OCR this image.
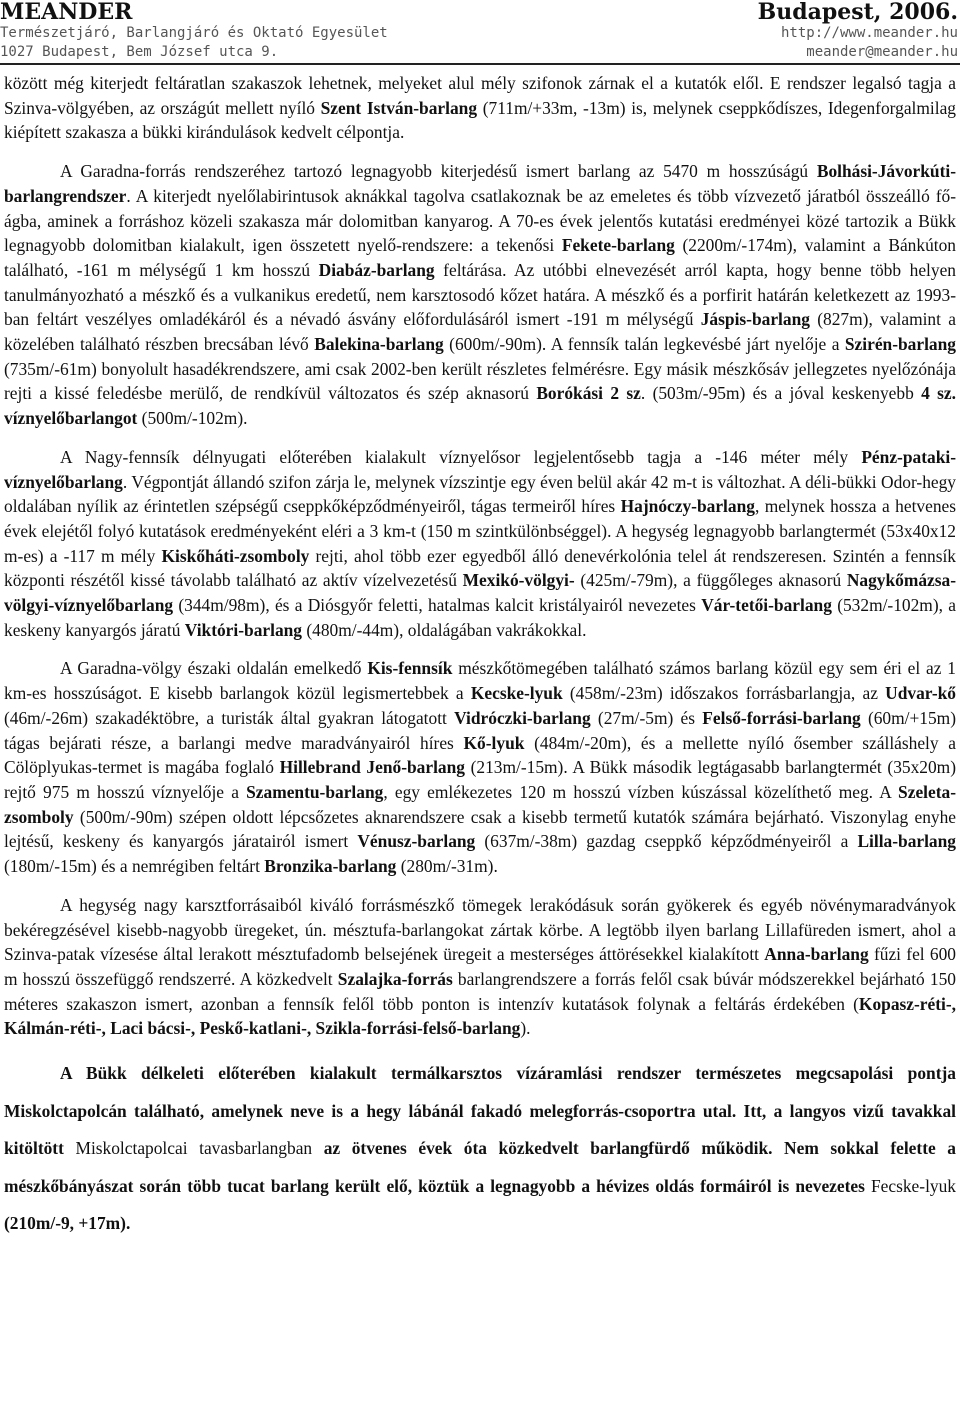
MEANDER
Természetjáró, Barlangjáró és Oktató Egyesület
1027 Budapest, Bem József utca 9.
Budapest, 2006.
http://www.meander.hu
meander@meander.hu

között még kiterjedt feltáratlan szakaszok lehetnek, melyeket alul mély szifonok zárnak el a kutatók elől. E rendszer legalsó tagja a Szinva-völgyében, az országút mellett nyíló Szent István-barlang (711m/+33m, -13m) is, melynek cseppkődíszes, Idegenforgalmilag kiépített szakasza a bükki kirándulások kedvelt célpontja.

A Garadna-forrás rendszeréhez tartozó legnagyobb kiterjedésű ismert barlang az 5470 m hosszúságú Bolhási-Jávorkúti-barlangrendszer. A kiterjedt nyelőlabirintusok aknákkal tagolva csatlakoznak be az emeletes és több vízvezető járatból összeálló fő-ágba, aminek a forráshoz közeli szakasza már dolomitban kanyarog. A 70-es évek jelentős kutatási eredményei közé tartozik a Bükk legnagyobb dolomitban kialakult, igen összetett nyelő-rendszere: a tekenősi Fekete-barlang (2200m/-174m), valamint a Bánkúton található, -161 m mélységű 1 km hosszú Diabáz-barlang feltárása. Az utóbbi elnevezését arról kapta, hogy benne több helyen tanulmányozható a mészkő és a vulkanikus eredetű, nem karsztosodó kőzet határa. A mészkő és a porfirit határán keletkezett az 1993-ban feltárt veszélyes omladékáról és a névadó ásvány előfordulásáról ismert -191 m mélységű Jáspis-barlang (827m), valamint a közelében található részben brecsában lévő Balekina-barlang (600m/-90m). A fennsík talán legkevésbé járt nyelője a Szirén-barlang (735m/-61m) bonyolult hasadékrendszere, ami csak 2002-ben került részletes felmérésre. Egy másik mészkősáv jellegzetes nyelőzónája rejti a kissé feledésbe merülő, de rendkívül változatos és szép aknasorú Borókási 2 sz. (503m/-95m) és a jóval keskenyebb 4 sz. víznyelőbarlangot (500m/-102m).

A Nagy-fennsík délnyugati előterében kialakult víznyelősor legjelentősebb tagja a -146 méter mély Pénz-pataki-víznyelőbarlang. Végpontját állandó szifon zárja le, melynek vízszintje egy éven belül akár 42 m-t is változhat. A déli-bükki Odor-hegy oldalában nyílik az érintetlen szépségű cseppkőképződményeiről, tágas termeiről híres Hajnóczy-barlang, melynek hossza a hetvenes évek elejétől folyó kutatások eredményeként eléri a 3 km-t (150 m szintkülönbséggel). A hegység legnagyobb barlangtermét (53x40x12 m-es) a -117 m mély Kiskőháti-zsomboly rejti, ahol több ezer egyedből álló denevérkolónia telel át rendszeresen. Szintén a fennsík központi részétől kissé távolabb található az aktív vízelvezetésű Mexikó-völgyi- (425m/-79m), a függőleges aknasorú Nagykőmázsa-völgyi-víznyelőbarlang (344m/98m), és a Diósgyőr feletti, hatalmas kalcit kristályairól nevezetes Vár-tetői-barlang (532m/-102m), a keskeny kanyargós járatú Viktóri-barlang (480m/-44m), oldalágában vakrákokkal.

A Garadna-völgy északi oldalán emelkedő Kis-fennsík mészkőtömegében található számos barlang közül egy sem éri el az 1 km-es hosszúságot. E kisebb barlangok közül legismertebbek a Kecske-lyuk (458m/-23m) időszakos forrásbarlangja, az Udvar-kő (46m/-26m) szakadéktöbre, a turisták által gyakran látogatott Vidróczki-barlang (27m/-5m) és Felső-forrási-barlang (60m/+15m) tágas bejárati része, a barlangi medve maradványairól híres Kő-lyuk (484m/-20m), és a mellette nyíló ősember szálláshely a Cölöplyukas-termet is magába foglaló Hillebrand Jenő-barlang (213m/-15m). A Bükk második legtágasabb barlangtermét (35x20m) rejtő 975 m hosszú víznyelője a Szamentu-barlang, egy emlékezetes 120 m hosszú vízben kúszással közelíthető meg. A Szeleta-zsomboly (500m/-90m) szépen oldott lépcsőzetes aknarendszere csak a kisebb termetű kutatók számára bejárható. Viszonylag enyhe lejtésű, keskeny és kanyargós járatairól ismert Vénusz-barlang (637m/-38m) gazdag cseppkő képződményeiről a Lilla-barlang (180m/-15m) és a nemrégiben feltárt Bronzika-barlang (280m/-31m).

A hegység nagy karsztforrásaiból kiváló forrásmészkő tömegek lerakódásuk során gyökerek és egyéb növénymaradványok bekéregzésével kisebb-nagyobb üregeket, ún. mésztufa-barlangokat zártak körbe. A legtöbb ilyen barlang Lillafüreden ismert, ahol a Szinva-patak vízesése által lerakott mésztufadomb belsejének üregeit a mesterséges áttörésekkel kialakított Anna-barlang fűzi fel 600 m hosszú összefüggő rendszerré. A közkedvelt Szalajka-forrás barlangrendszere a forrás felől csak búvár módszerekkel bejárható 150 méteres szakaszon ismert, azonban a fennsík felől több ponton is intenzív kutatások folynak a feltárás érdekében (Kopasz-réti-, Kálmán-réti-, Laci bácsi-, Peskő-katlani-, Szikla-forrási-felső-barlang).

A Bükk délkeleti előterében kialakult termálkarsztos vízáramlási rendszer természetes megcsapolási pontja Miskolctapolcán található, amelynek neve is a hegy lábánál fakadó melegforrás-csoportra utal. Itt, a langyos vizű tavakkal kitöltött Miskolctapolcai tavasbarlangban az ötvenes évek óta közkedvelt barlangfürdő működik. Nem sokkal felette a mészkőbányászat során több tucat barlang került elő, köztük a legnagyobb a hévizes oldás formáiról is nevezetes Fecske-lyuk (210m/-9, +17m).
